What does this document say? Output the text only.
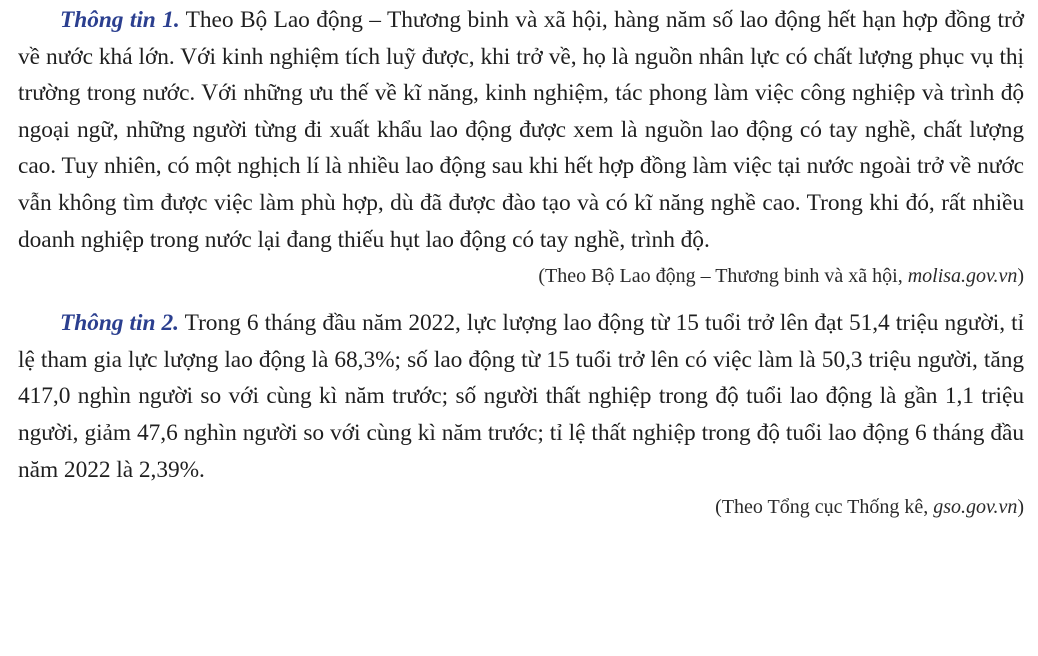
Thông tin 1. Theo Bộ Lao động – Thương binh và xã hội, hàng năm số lao động hết hạn hợp đồng trở về nước khá lớn. Với kinh nghiệm tích luỹ được, khi trở về, họ là nguồn nhân lực có chất lượng phục vụ thị trường trong nước. Với những ưu thế về kĩ năng, kinh nghiệm, tác phong làm việc công nghiệp và trình độ ngoại ngữ, những người từng đi xuất khẩu lao động được xem là nguồn lao động có tay nghề, chất lượng cao. Tuy nhiên, có một nghịch lí là nhiều lao động sau khi hết hợp đồng làm việc tại nước ngoài trở về nước vẫn không tìm được việc làm phù hợp, dù đã được đào tạo và có kĩ năng nghề cao. Trong khi đó, rất nhiều doanh nghiệp trong nước lại đang thiếu hụt lao động có tay nghề, trình độ.

(Theo Bộ Lao động – Thương binh và xã hội, molisa.gov.vn)

Thông tin 2. Trong 6 tháng đầu năm 2022, lực lượng lao động từ 15 tuổi trở lên đạt 51,4 triệu người, tỉ lệ tham gia lực lượng lao động là 68,3%; số lao động từ 15 tuổi trở lên có việc làm là 50,3 triệu người, tăng 417,0 nghìn người so với cùng kì năm trước; số người thất nghiệp trong độ tuổi lao động là gần 1,1 triệu người, giảm 47,6 nghìn người so với cùng kì năm trước; tỉ lệ thất nghiệp trong độ tuổi lao động 6 tháng đầu năm 2022 là 2,39%.

(Theo Tổng cục Thống kê, gso.gov.vn)
